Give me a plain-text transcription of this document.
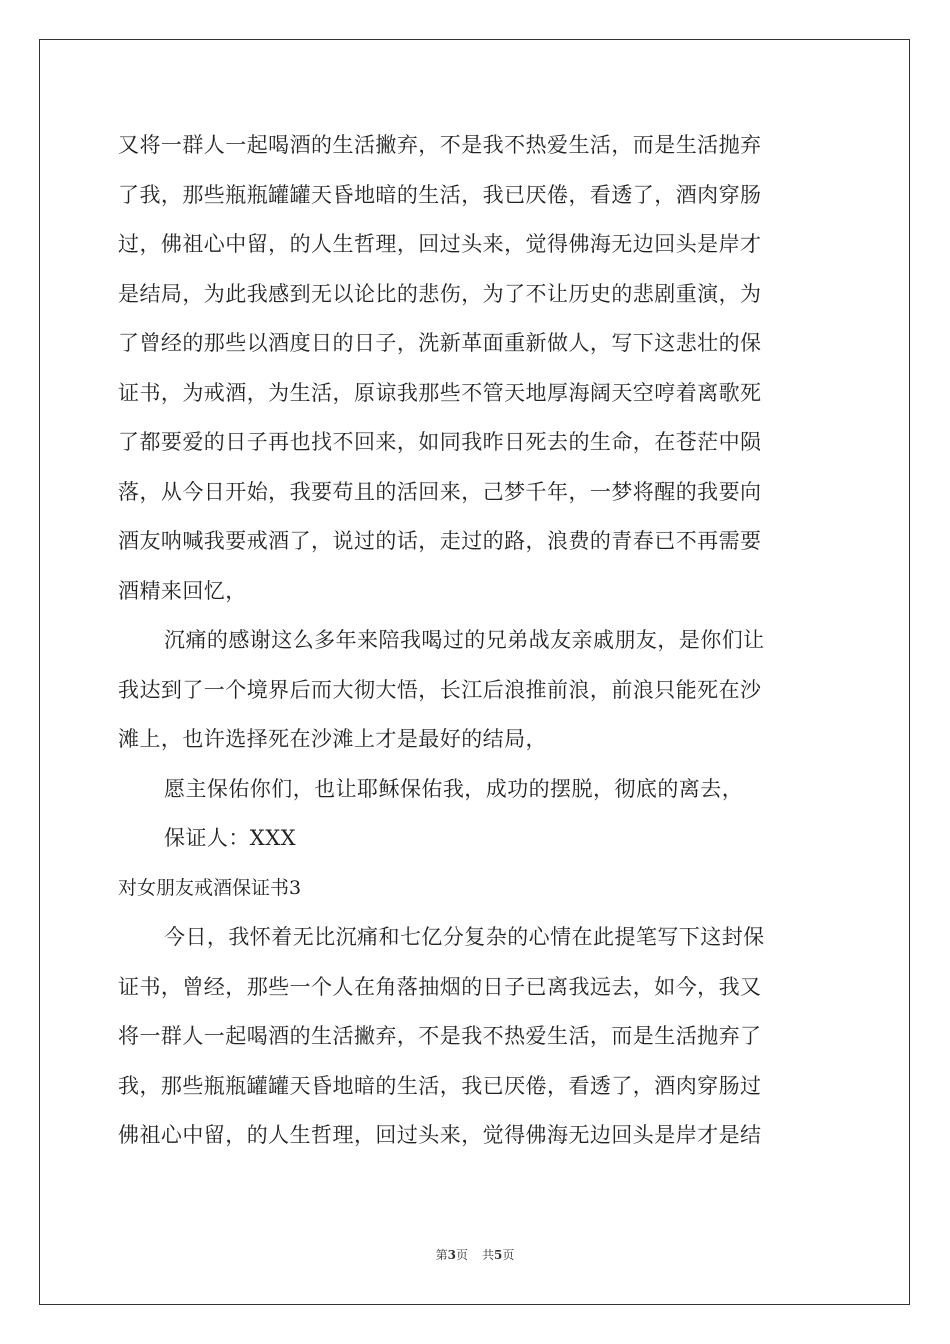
又将一群人一起喝酒的生活撇弃，不是我不热爱生活，而是生活抛弃
了我，那些瓶瓶罐罐天昏地暗的生活，我已厌倦，看透了，酒肉穿肠
过，佛祖心中留，的人生哲理，回过头来，觉得佛海无边回头是岸才
是结局，为此我感到无以论比的悲伤，为了不让历史的悲剧重演，为
了曾经的那些以酒度日的日子，洗新革面重新做人，写下这悲壮的保
证书，为戒酒，为生活，原谅我那些不管天地厚海阔天空哼着离歌死
了都要爱的日子再也找不回来，如同我昨日死去的生命，在苍茫中陨
落，从今日开始，我要苟且的活回来，己梦千年，一梦将醒的我要向
酒友呐喊我要戒酒了，说过的话，走过的路，浪费的青春已不再需要
酒精来回忆，
沉痛的感谢这么多年来陪我喝过的兄弟战友亲戚朋友，是你们让
我达到了一个境界后而大彻大悟，长江后浪推前浪，前浪只能死在沙
滩上，也许选择死在沙滩上才是最好的结局，
愿主保佑你们，也让耶稣保佑我，成功的摆脱，彻底的离去，
保证人：XXX
对女朋友戒酒保证书3
今日，我怀着无比沉痛和七亿分复杂的心情在此提笔写下这封保
证书，曾经，那些一个人在角落抽烟的日子已离我远去，如今，我又
将一群人一起喝酒的生活撇弃，不是我不热爱生活，而是生活抛弃了
我，那些瓶瓶罐罐天昏地暗的生活，我已厌倦，看透了，酒肉穿肠过
佛祖心中留，的人生哲理，回过头来，觉得佛海无边回头是岸才是结
第3页 共5页
